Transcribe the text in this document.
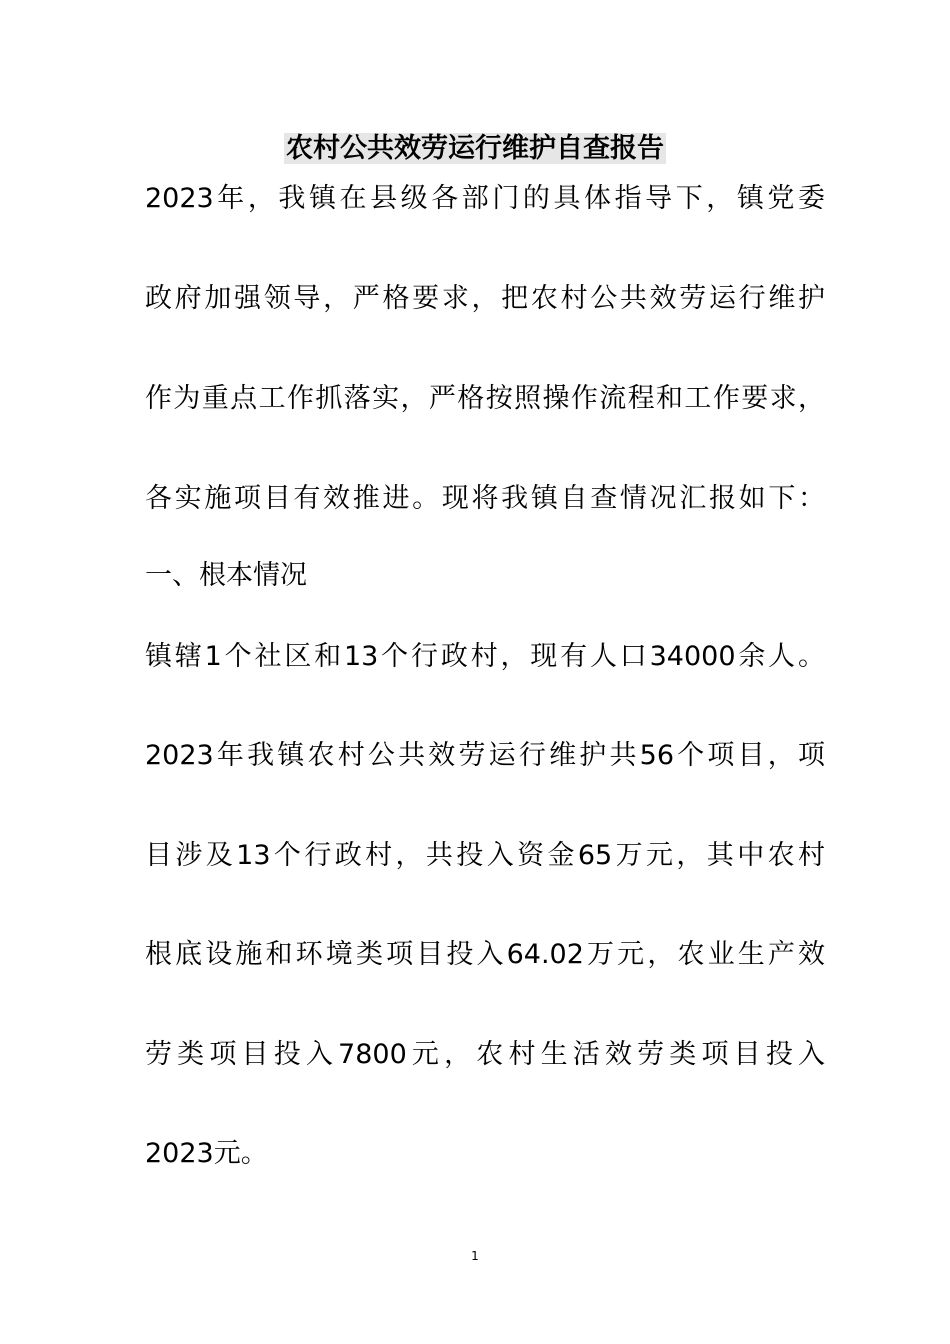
农村公共效劳运行维护自查报告
2023年，我镇在县级各部门的具体指导下，镇党委
政府加强领导，严格要求，把农村公共效劳运行维护
作为重点工作抓落实，严格按照操作流程和工作要求，
各实施项目有效推进。现将我镇自查情况汇报如下：
一、根本情况
镇辖1个社区和13个行政村，现有人口34000余人。
2023年我镇农村公共效劳运行维护共56个项目，项
目涉及13个行政村，共投入资金65万元，其中农村
根底设施和环境类项目投入64.02万元，农业生产效
劳类项目投入7800元，农村生活效劳类项目投入
2023元。
1
